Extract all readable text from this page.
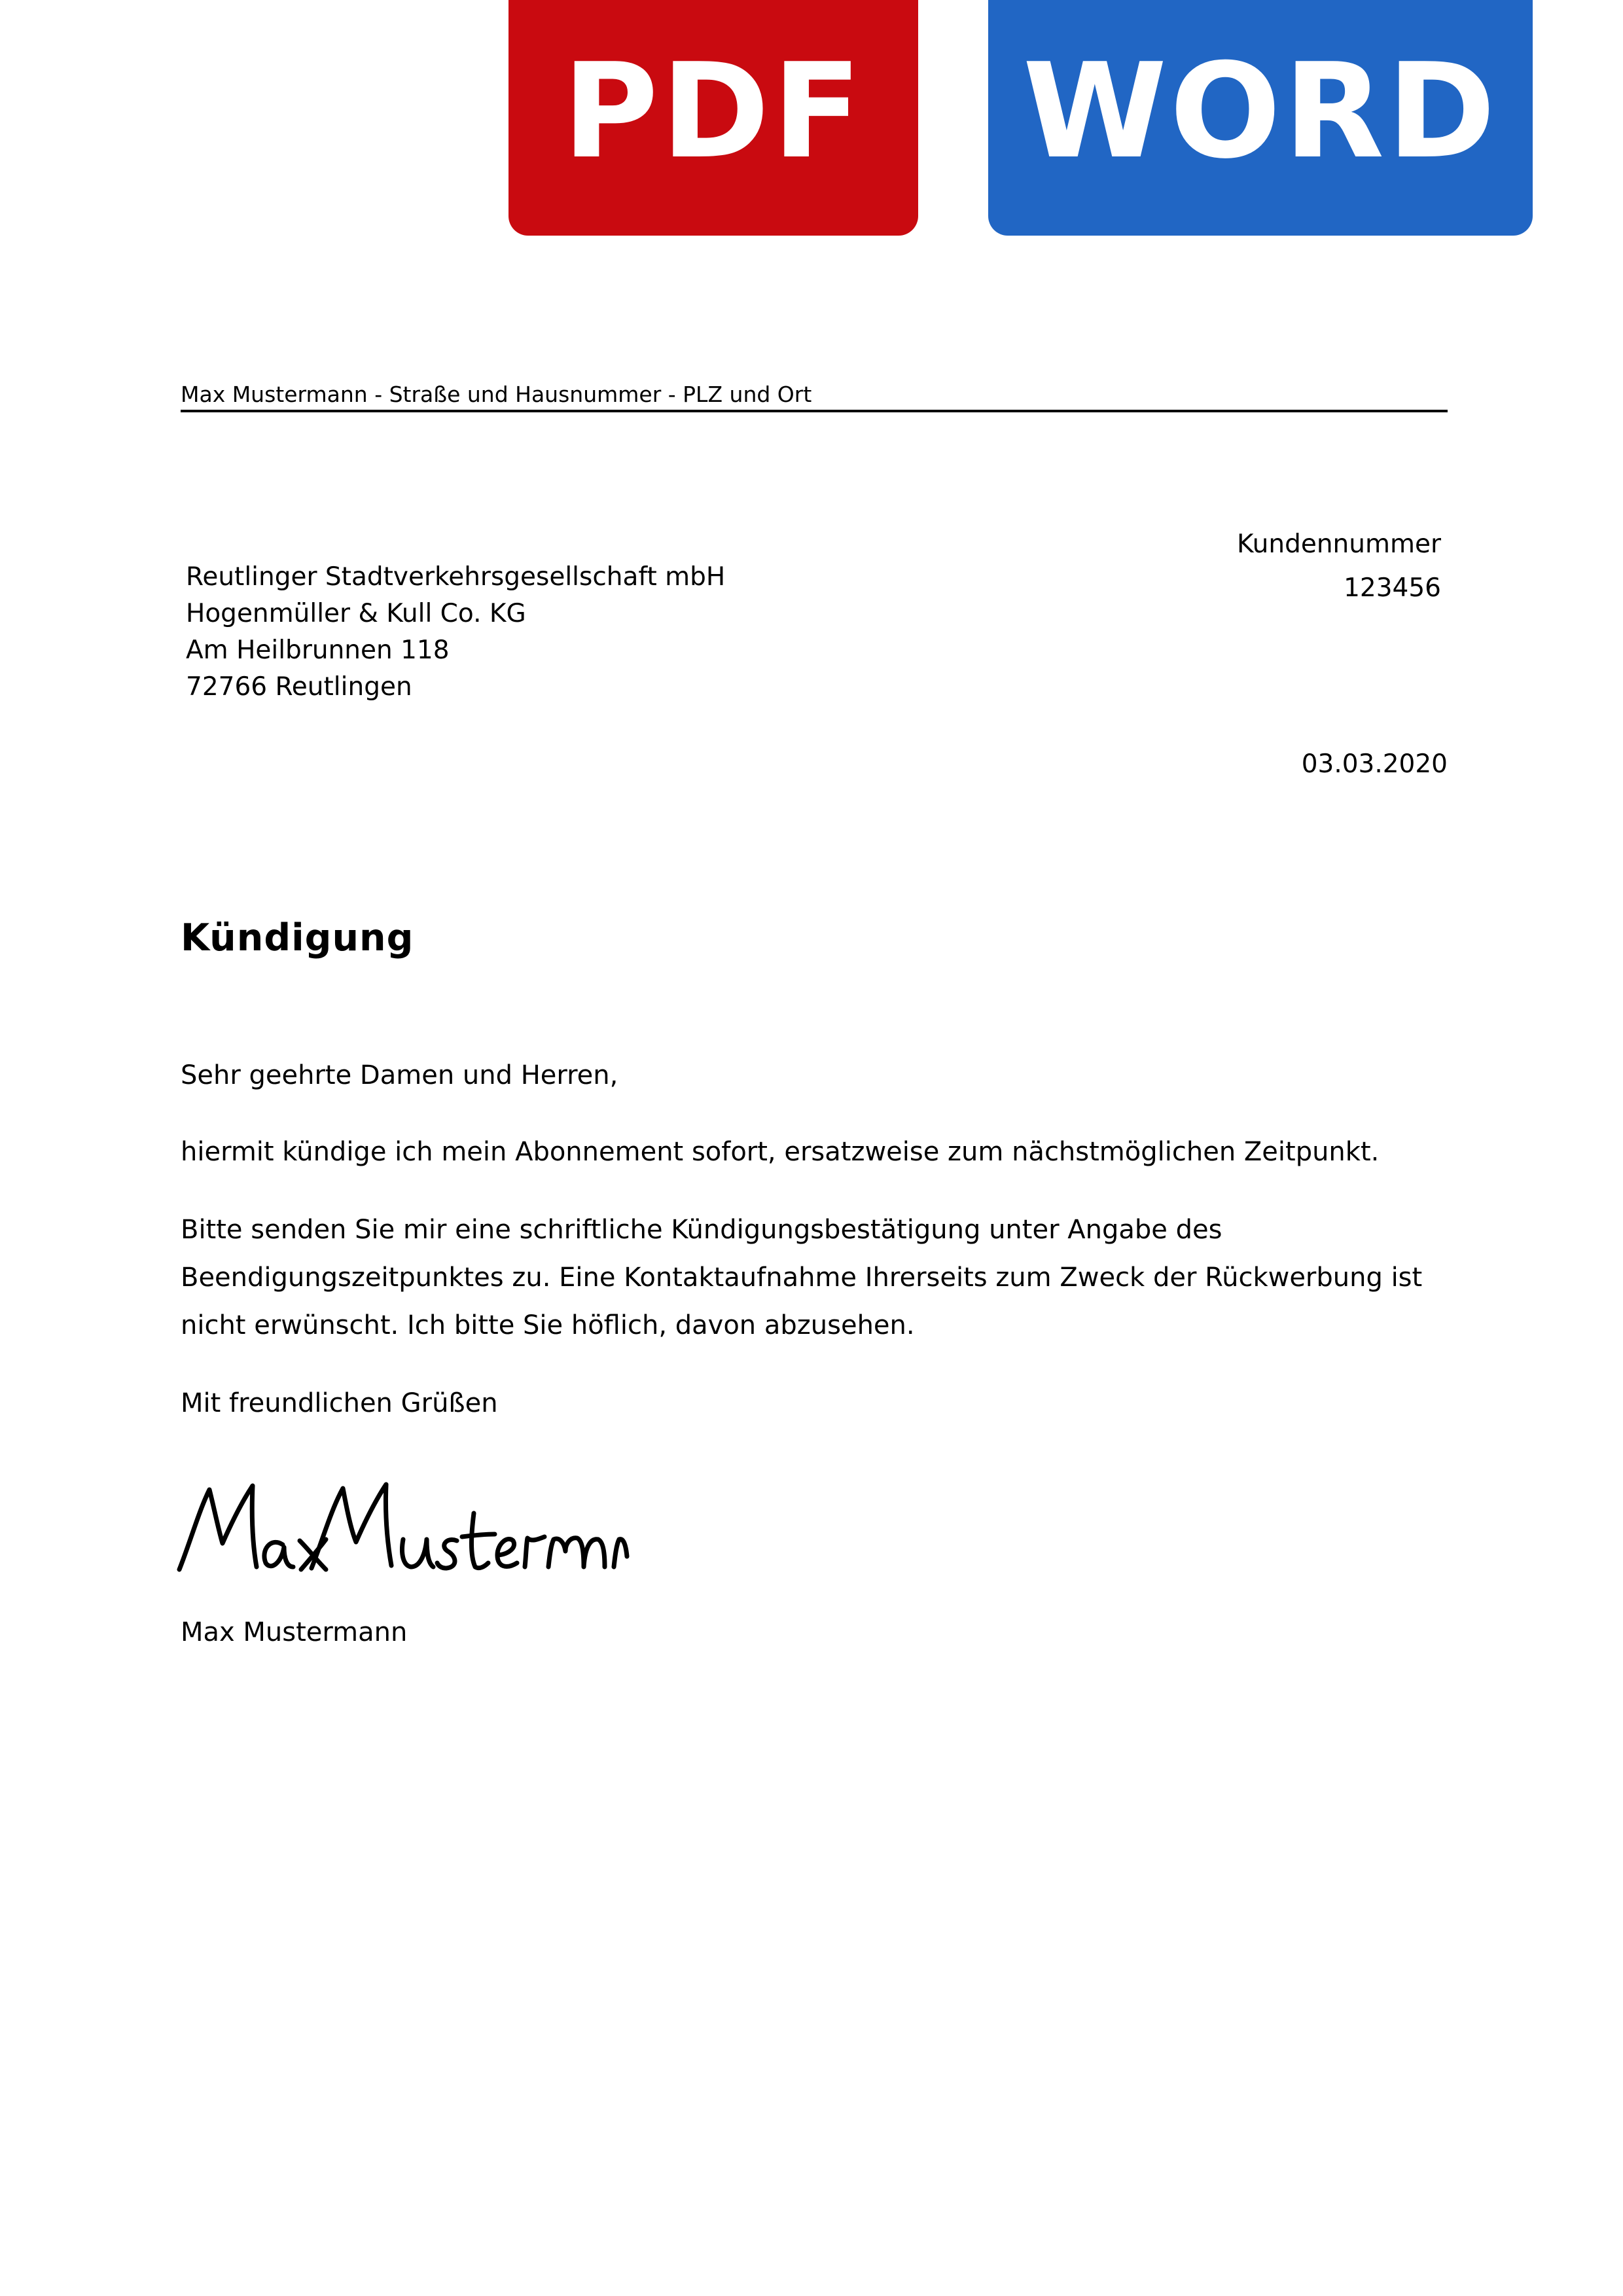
PDF WORD
Max Mustermann - Straße und Hausnummer - PLZ und Ort
Reutlinger Stadtverkehrsgesellschaft mbH
Hogenmüller & Kull Co. KG
Am Heilbrunnen 118
72766 Reutlingen
Kundennummer
123456
03.03.2020
Kündigung
Sehr geehrte Damen und Herren,
hiermit kündige ich mein Abonnement sofort, ersatzweise zum nächstmöglichen Zeitpunkt.
Bitte senden Sie mir eine schriftliche Kündigungsbestätigung unter Angabe des Beendigungszeitpunktes zu. Eine Kontaktaufnahme Ihrerseits zum Zweck der Rückwerbung ist nicht erwünscht. Ich bitte Sie höflich, davon abzusehen.
Mit freundlichen Grüßen
Max Mustermann
